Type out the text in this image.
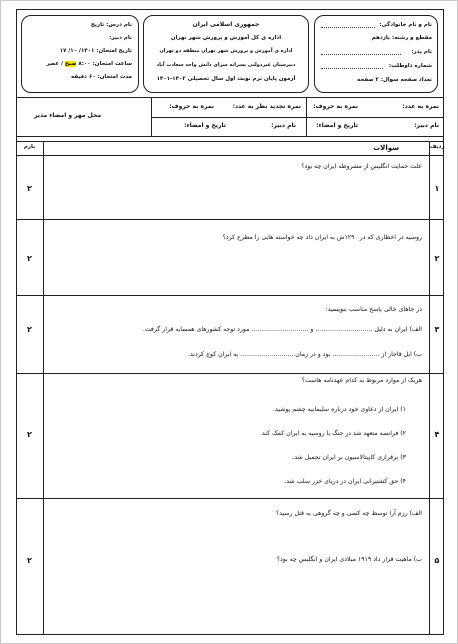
نام و نام خانوادگی:
مقطع و رشته: یازدهم
نام پدر:
شماره داوطلب:
تعداد صفحه سوال: ۲ صفحه
جمهوری اسلامی ایران
اداره ی کل آموزش و پرورش شهر تهران
اداره ی آموزش و پرورش شهر تهران منطقه دو تهران
دبیرستان غیردولتی پسرانه سرای دانش واحد سعادت آباد
آزمون پایان ترم نوبت اول سال تحصیلی ۱۴۰۲-۱۴۰۱
نام درس: تاریخ
نام دبیر:
تاریخ امتحان: ۱۴۰۱/ ۱۰/ ۱۷
ساعت امتحان: ۸:۰۰ صبح / عصر
مدت امتحان: ۶۰ دقیقه
نمره به عدد:
نمره به حروف:
نمره تجدید نظر به عدد:
نمره به حروف:
نام دبیر:
تاریخ و امضاء:
نام دبیر:
تاریخ و امضاء:
محل مهر و امضاء مدیر
ردیف
سوالات
بارم
۱
علت حمایت انگلیس از مشروطه ایران چه بود؟
۲
۲
روسیه در اخطاری که در ۱۲۹۰ش به ایران داد چه خواسته هایی را مطرح کرد؟
۲
۳
در جاهای خالی پاسخ مناسب بنویسید:
الف) ایران به دلیل ............................. و ............................. مورد توجه کشورهای همسایه قرار گرفت.
ب) ایل قاجار از ........................ بود و در زمان ........................... به ایران کوچ کردند.
۲
۴
هریک از موارد مربوط به کدام عهدنامه هاست؟
۱) ایران از دعاوی خود درباره سلیمانیه چشم پوشید.
۲) فرانسه متعهد شد در جنگ با روسیه به ایران کمک کند.
۳) برقراری کاپیتالاسیون بر ایران تحمیل شد.
۴) حق کشتیرانی ایران در دریای خزر سلب شد.
۲
۵
الف) رزم آرا توسط چه کسی و چه گروهی به قتل رسید؟
ب) ماهیت قرار داد ۱۹۱۹ میلادی ایران و انگلیس چه بود؟
۲
